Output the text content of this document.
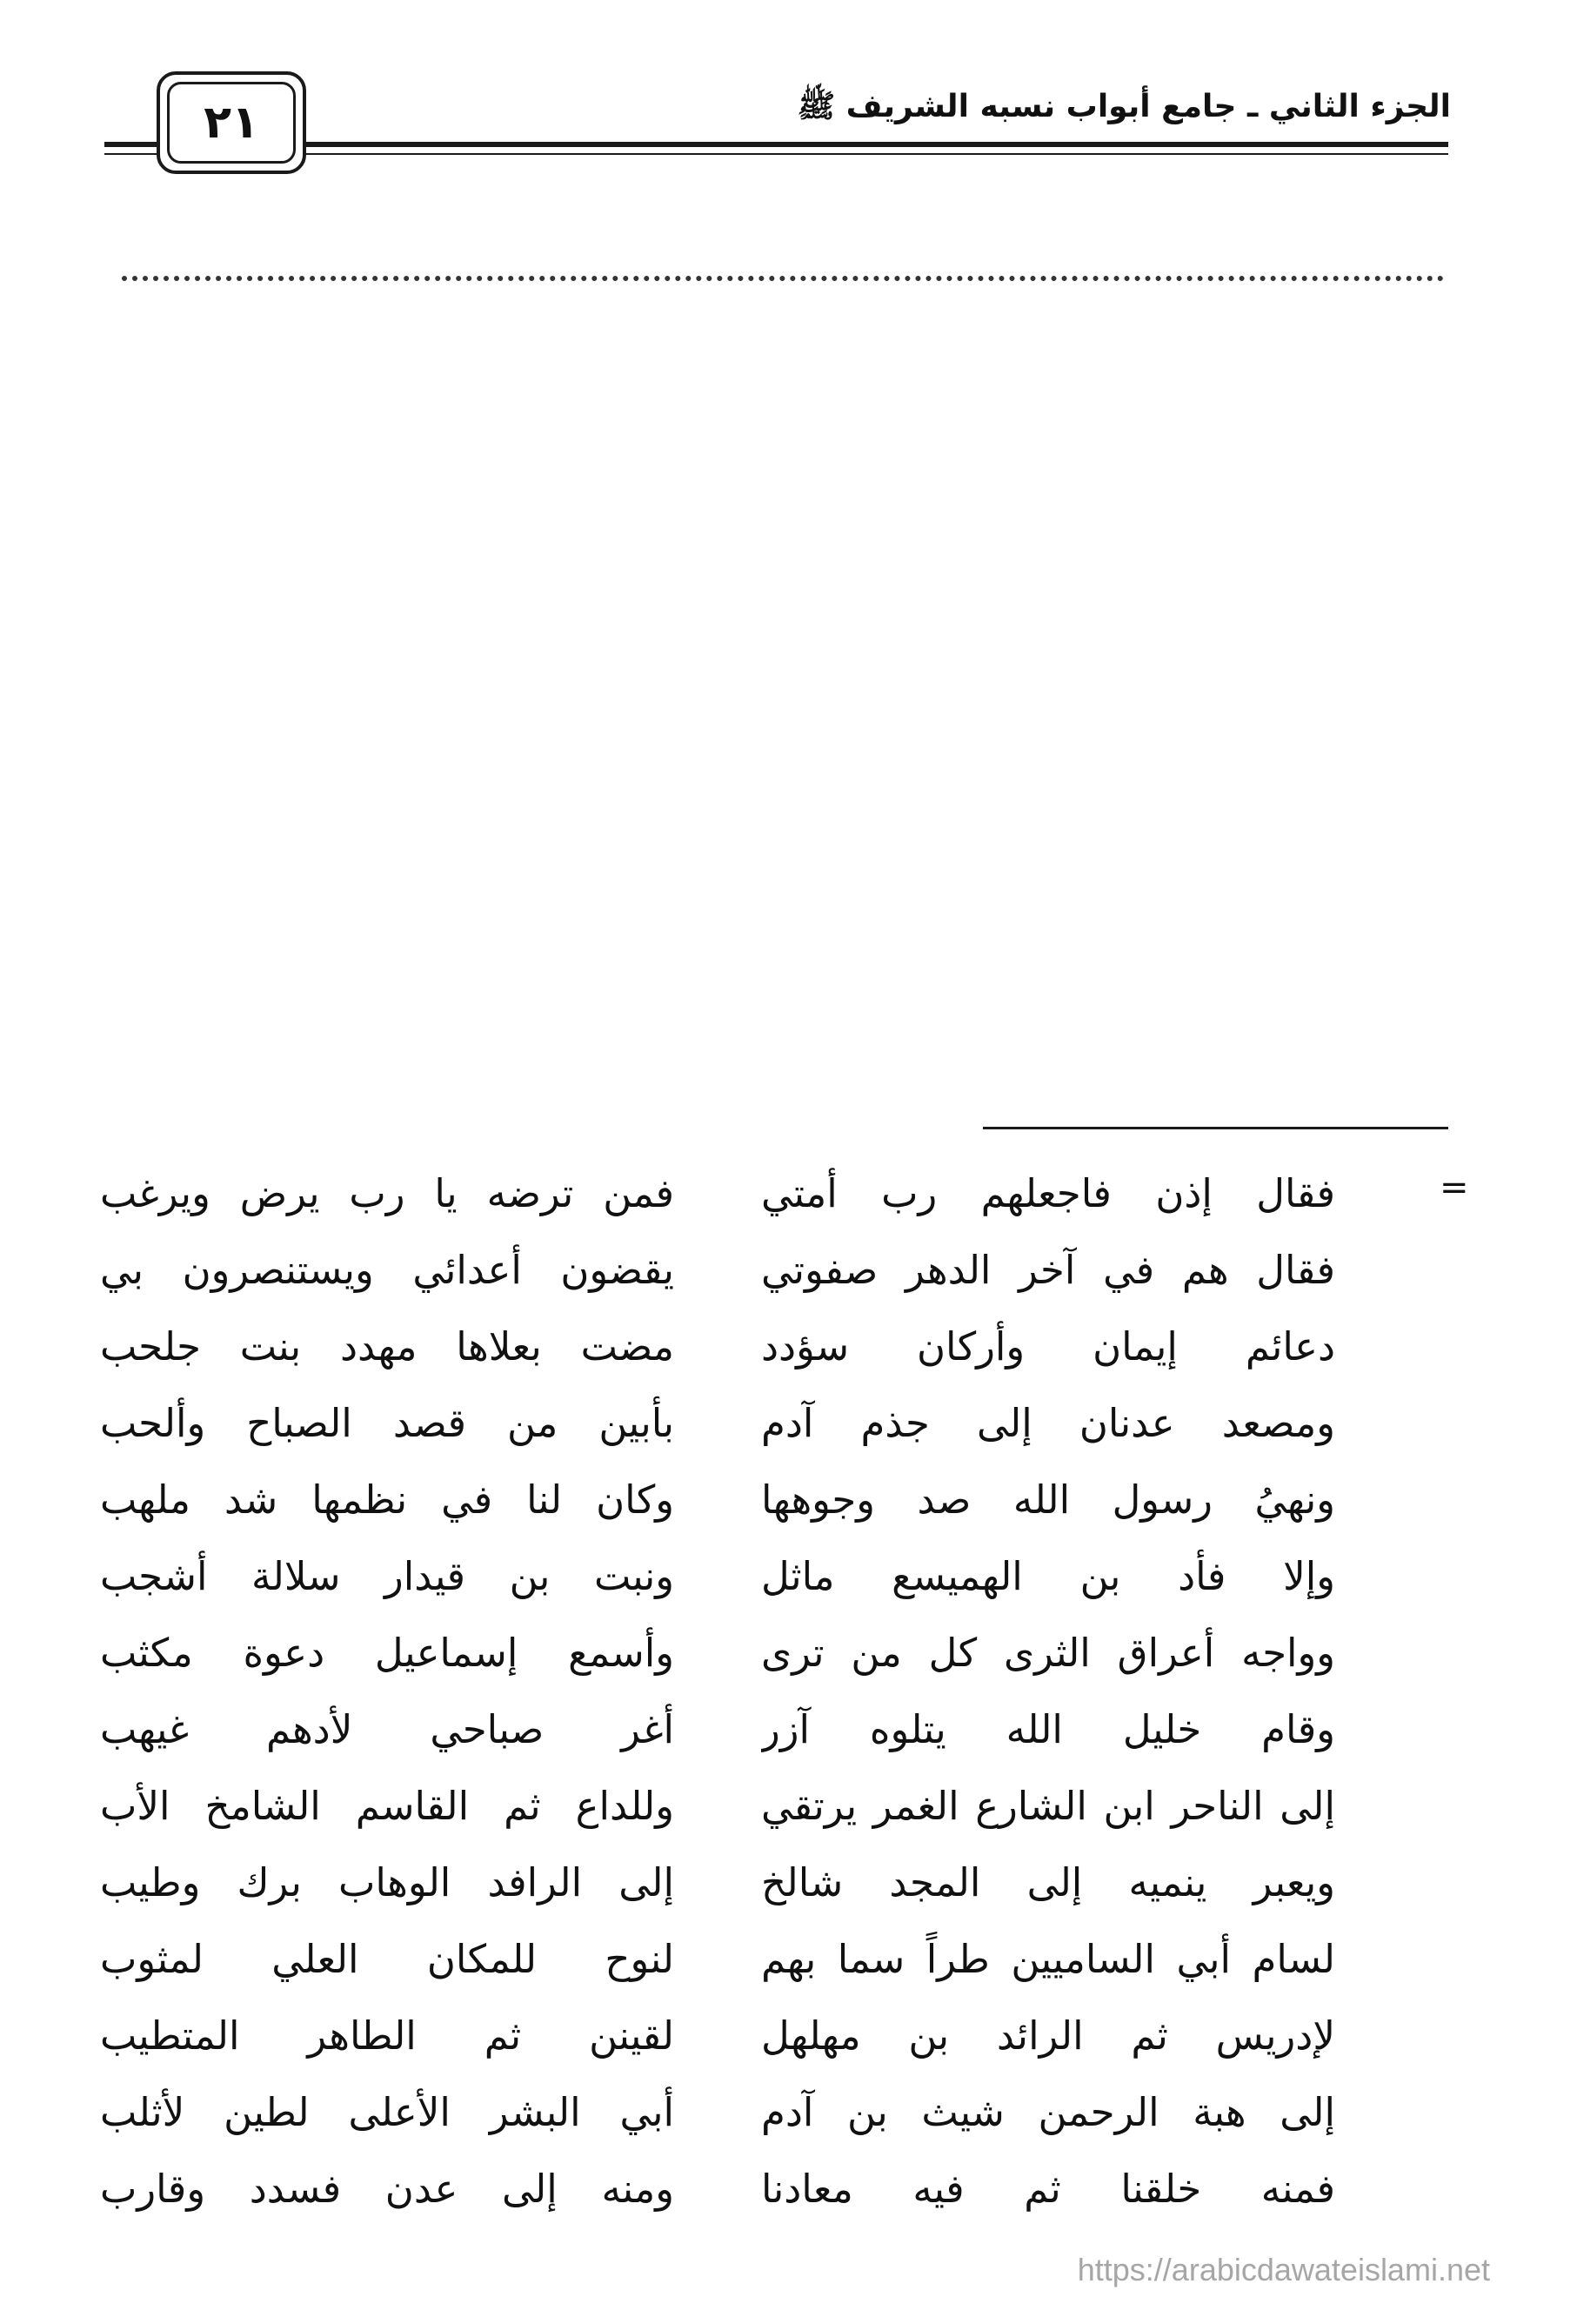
الجزء الثاني ـ جامع أبواب نسبه الشريف ﷺ
٢١
=
فقال إذن فاجعلهم رب أمتي
فمن ترضه يا رب يرض ويرغب
فقال هم في آخر الدهر صفوتي
يقضون أعدائي ويستنصرون بي
دعائم إيمان وأركان سؤدد
مضت بعلاها مهدد بنت جلحب
ومصعد عدنان إلى جذم آدم
بأبين من قصد الصباح وألحب
ونهيُ رسول الله صد وجوهها
وكان لنا في نظمها شد ملهب
وإلا فأد بن الهميسع ماثل
ونبت بن قيدار سلالة أشجب
وواجه أعراق الثرى كل من ترى
وأسمع إسماعيل دعوة مكثب
وقام خليل الله يتلوه آزر
أغر صباحي لأدهم غيهب
إلى الناحر ابن الشارع الغمر يرتقي
وللداع ثم القاسم الشامخ الأب
ويعبر ينميه إلى المجد شالخ
إلى الرافد الوهاب برك وطيب
لسام أبي الساميين طراً سما بهم
لنوح للمكان العلي لمثوب
لإدريس ثم الرائد بن مهلهل
لقينن ثم الطاهر المتطيب
إلى هبة الرحمن شيث بن آدم
أبي البشر الأعلى لطين لأثلب
فمنه خلقنا ثم فيه معادنا
ومنه إلى عدن فسدد وقارب
https://arabicdawateislami.net
